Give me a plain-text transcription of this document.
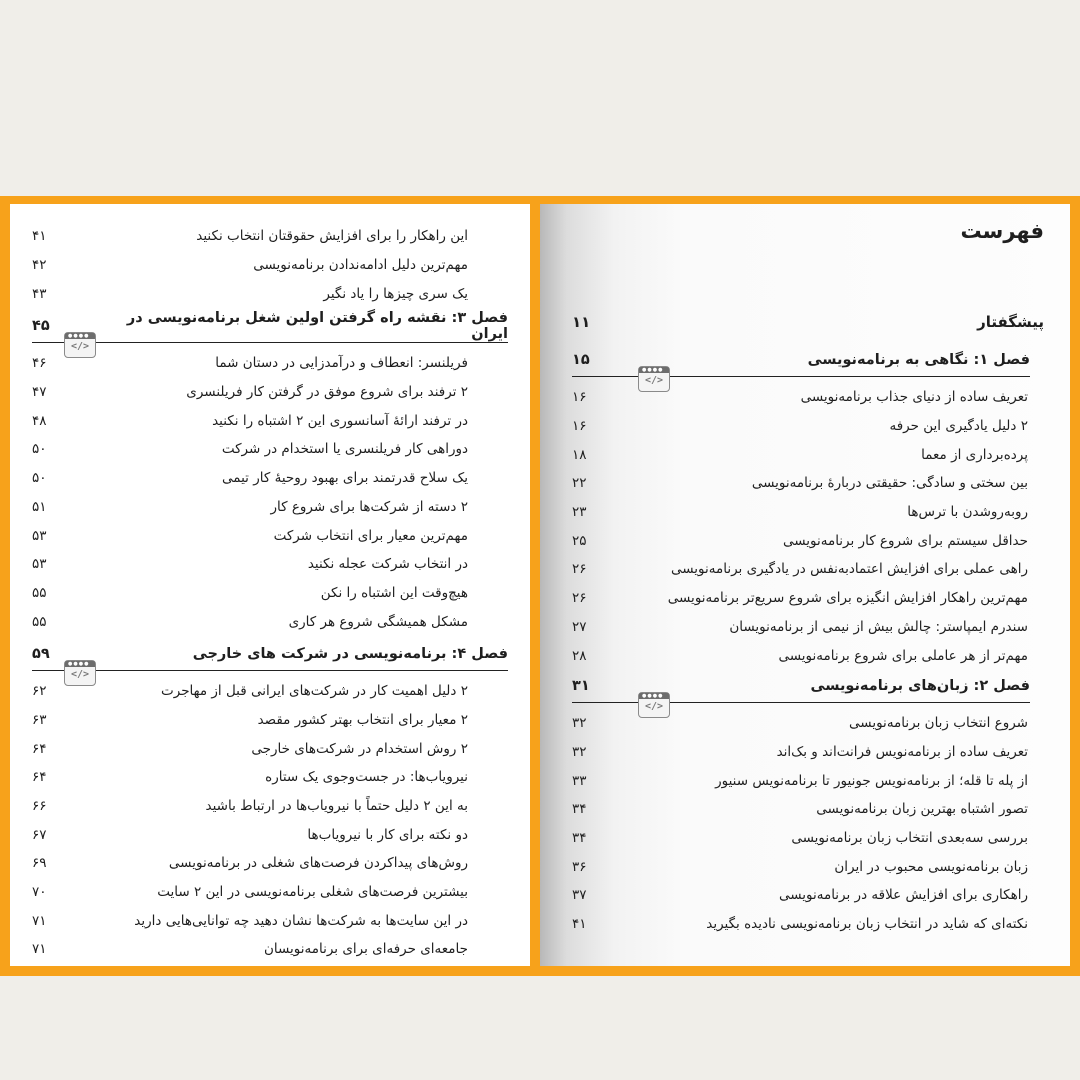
این راهکار را برای افزایش حقوقتان انتخاب نکنید
۴۱
مهم‌ترین دلیل ادامه‌ندادن برنامه‌نویسی
۴۲
یک سری چیزها را یاد نگیر
۴۳
فصل ۳: نقشه راه گرفتن اولین شغل برنامه‌نویسی در ایران
۴۵
●●●●
</>
فریلنسر: انعطاف و درآمدزایی در دستان شما
۴۶
۲ ترفند برای شروع موفق در گرفتن کار فریلنسری
۴۷
در ترفند ارائهٔ آسانسوری این ۲ اشتباه را نکنید
۴۸
دوراهی کار فریلنسری یا استخدام در شرکت
۵۰
یک سلاح قدرتمند برای بهبود روحیهٔ کار تیمی
۵۰
۲ دسته از شرکت‌ها برای شروع کار
۵۱
مهم‌ترین معیار برای انتخاب شرکت
۵۳
در انتخاب شرکت عجله نکنید
۵۳
هیچ‌وقت این اشتباه را نکن
۵۵
مشکل همیشگی شروع هر کاری
۵۵
فصل ۴: برنامه‌نویسی در شرکت های خارجی
۵۹
●●●●
</>
۲ دلیل اهمیت کار در شرکت‌های ایرانی قبل از مهاجرت
۶۲
۲ معیار برای انتخاب بهتر کشور مقصد
۶۳
۲ روش استخدام در شرکت‌های خارجی
۶۴
نیرویاب‌ها: در جست‌وجوی یک ستاره
۶۴
به این ۲ دلیل حتماً با نیرویاب‌ها در ارتباط باشید
۶۶
دو نکته برای کار با نیرویاب‌ها
۶۷
روش‌های پیداکردن فرصت‌های شغلی در برنامه‌نویسی
۶۹
بیشترین فرصت‌های شغلی برنامه‌نویسی در این ۲ سایت
۷۰
در این سایت‌ها به شرکت‌ها نشان دهید چه توانایی‌هایی دارید
۷۱
جامعه‌ای حرفه‌ای برای برنامه‌نویسان
۷۱
فهرست
پیشگفتار
۱۱
فصل ۱: نگاهی به برنامه‌نویسی
۱۵
●●●●
</>
تعریف ساده از دنیای جذاب برنامه‌نویسی
۱۶
۲ دلیل یادگیری این حرفه
۱۶
پرده‌برداری از معما
۱۸
بین سختی و سادگی: حقیقتی دربارهٔ برنامه‌نویسی
۲۲
روبه‌روشدن با ترس‌ها
۲۳
حداقل سیستم برای شروع کار برنامه‌نویسی
۲۵
راهی عملی برای افزایش اعتمادبه‌نفس در یادگیری برنامه‌نویسی
۲۶
مهم‌ترین راهکار افزایش انگیزه برای شروع سریع‌تر برنامه‌نویسی
۲۶
سندرم ایمپاستر: چالش بیش از نیمی از برنامه‌نویسان
۲۷
مهم‌تر از هر عاملی برای شروع برنامه‌نویسی
۲۸
فصل ۲: زبان‌های برنامه‌نویسی
۳۱
●●●●
</>
شروع انتخاب زبان برنامه‌نویسی
۳۲
تعریف ساده از برنامه‌نویس فرانت‌اند و بک‌اند
۳۲
از پله تا قله؛ از برنامه‌نویس جونیور تا برنامه‌نویس سنیور
۳۳
تصور اشتباه بهترین زبان برنامه‌نویسی
۳۴
بررسی سه‌بعدی انتخاب زبان برنامه‌نویسی
۳۴
زبان برنامه‌نویسی محبوب در ایران
۳۶
راهکاری برای افزایش علاقه در برنامه‌نویسی
۳۷
نکته‌ای که شاید در انتخاب زبان برنامه‌نویسی نادیده بگیرید
۴۱
